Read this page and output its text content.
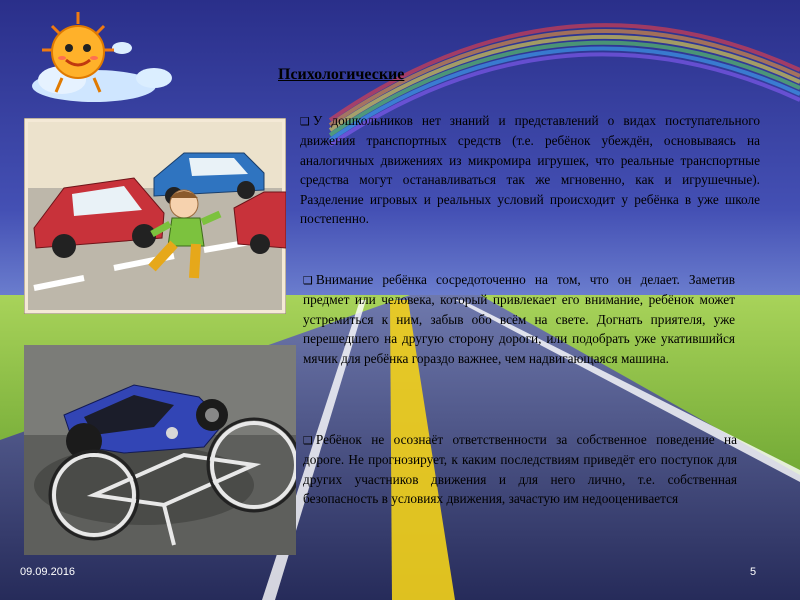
Психологические
❑ У дошкольников нет знаний и представлений о видах поступательного движения транспортных средств (т.е. ребёнок убеждён, основываясь на аналогичных движениях из микромира игрушек, что реальные транспортные средства могут останавливаться так же мгновенно, как и игрушечные). Разделение игровых и реальных условий происходит у ребёнка в уже школе постепенно.
❑ Внимание ребёнка сосредоточенно на том, что он делает. Заметив предмет или человека, который привлекает его внимание, ребёнок может устремиться к ним, забыв обо всём на свете. Догнать приятеля, уже перешедшего на другую сторону дороги, или подобрать уже укатившийся мячик для ребёнка гораздо важнее, чем надвигающаяся машина.
❑ Ребёнок не осознаёт ответственности за собственное поведение на дороге. Не прогнозирует, к каким последствиям приведёт его поступок для других участников движения и для него лично, т.е. собственная безопасность в условиях движения, зачастую им недооценивается
09.09.2016	5
